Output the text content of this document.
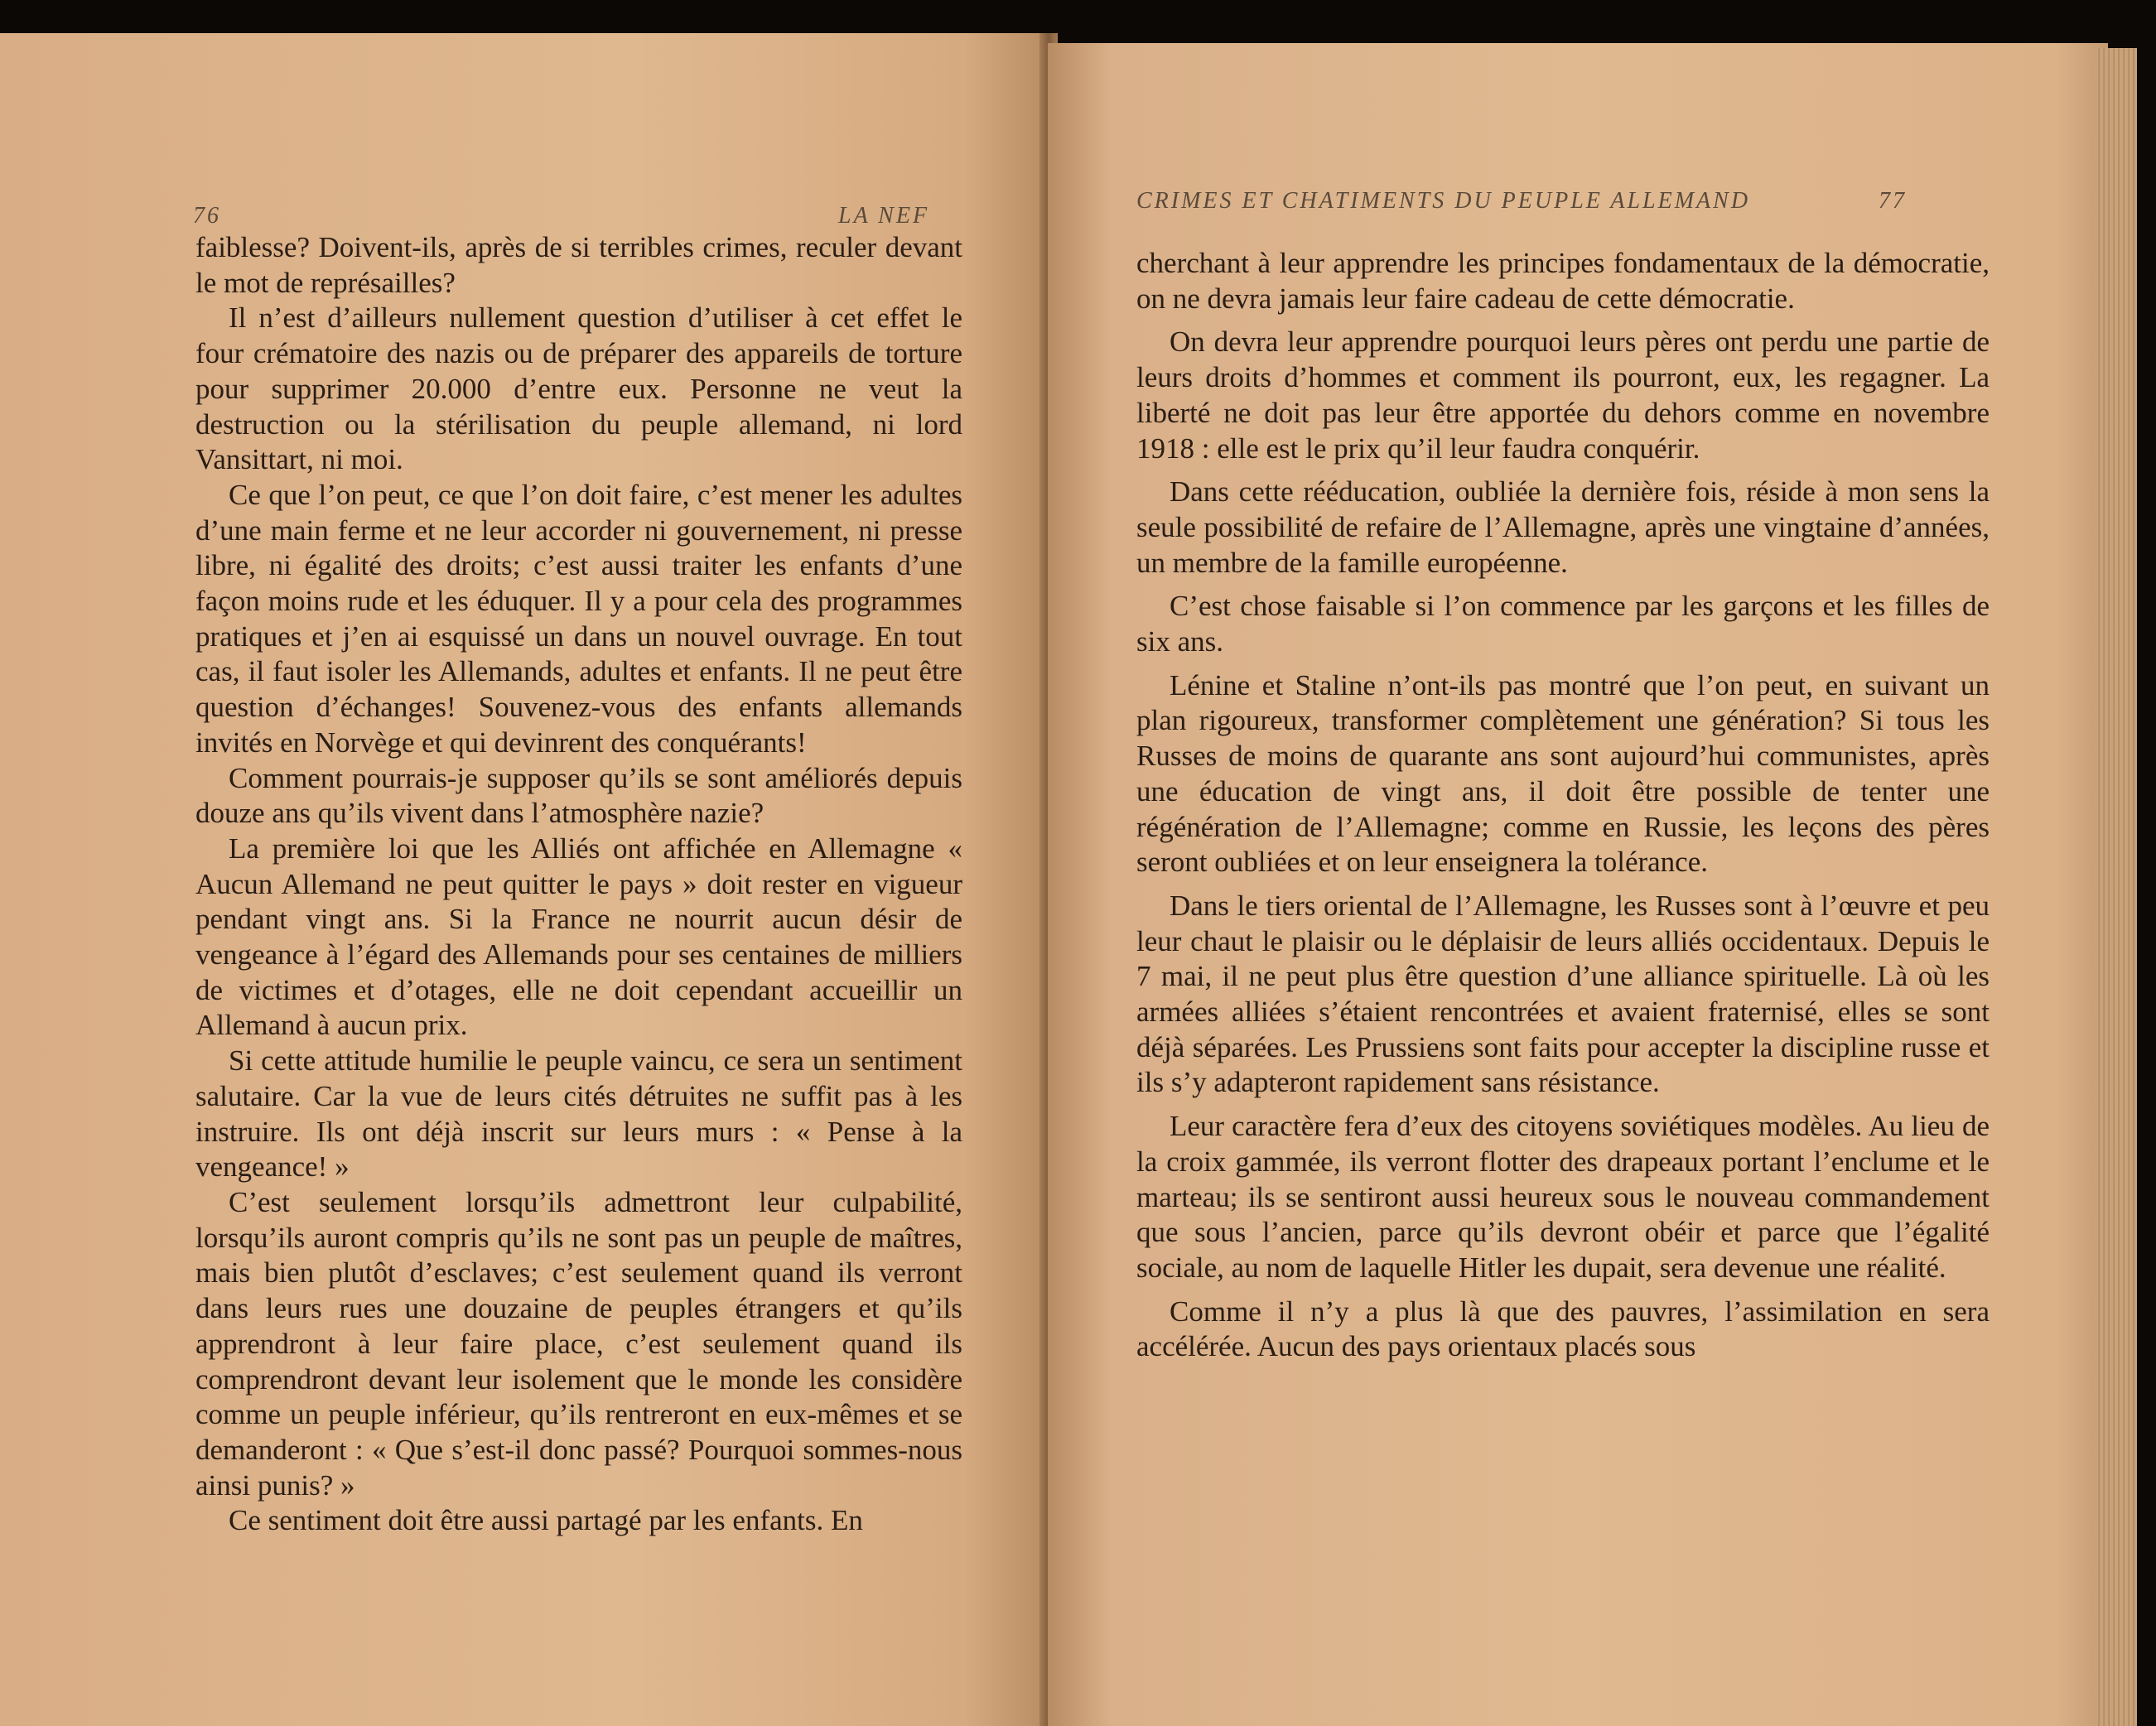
76	LA NEF

faiblesse? Doivent-ils, après de si terribles crimes, reculer devant le mot de représailles?

Il n’est d’ailleurs nullement question d’utiliser à cet effet le four crématoire des nazis ou de préparer des appareils de torture pour supprimer 20.000 d’entre eux. Personne ne veut la destruction ou la stérilisation du peuple allemand, ni lord Vansittart, ni moi.

Ce que l’on peut, ce que l’on doit faire, c’est mener les adultes d’une main ferme et ne leur accorder ni gouvernement, ni presse libre, ni égalité des droits; c’est aussi traiter les enfants d’une façon moins rude et les éduquer. Il y a pour cela des programmes pratiques et j’en ai esquissé un dans un nouvel ouvrage. En tout cas, il faut isoler les Allemands, adultes et enfants. Il ne peut être question d’échanges! Souvenez-vous des enfants allemands invités en Norvège et qui devinrent des conquérants!

Comment pourrais-je supposer qu’ils se sont améliorés depuis douze ans qu’ils vivent dans l’atmosphère nazie?

La première loi que les Alliés ont affichée en Allemagne « Aucun Allemand ne peut quitter le pays » doit rester en vigueur pendant vingt ans. Si la France ne nourrit aucun désir de vengeance à l’égard des Allemands pour ses centaines de milliers de victimes et d’otages, elle ne doit cependant accueillir un Allemand à aucun prix.

Si cette attitude humilie le peuple vaincu, ce sera un sentiment salutaire. Car la vue de leurs cités détruites ne suffit pas à les instruire. Ils ont déjà inscrit sur leurs murs : « Pense à la vengeance! »

C’est seulement lorsqu’ils admettront leur culpabilité, lorsqu’ils auront compris qu’ils ne sont pas un peuple de maîtres, mais bien plutôt d’esclaves; c’est seulement quand ils verront dans leurs rues une douzaine de peuples étrangers et qu’ils apprendront à leur faire place, c’est seulement quand ils comprendront devant leur isolement que le monde les considère comme un peuple inférieur, qu’ils rentreront en eux-mêmes et se demanderont : « Que s’est-il donc passé? Pourquoi sommes-nous ainsi punis? »

Ce sentiment doit être aussi partagé par les enfants. En

CRIMES ET CHATIMENTS DU PEUPLE ALLEMAND	77

cherchant à leur apprendre les principes fondamentaux de la démocratie, on ne devra jamais leur faire cadeau de cette démocratie.

On devra leur apprendre pourquoi leurs pères ont perdu une partie de leurs droits d’hommes et comment ils pourront, eux, les regagner. La liberté ne doit pas leur être apportée du dehors comme en novembre 1918 : elle est le prix qu’il leur faudra conquérir.

Dans cette rééducation, oubliée la dernière fois, réside à mon sens la seule possibilité de refaire de l’Allemagne, après une vingtaine d’années, un membre de la famille européenne.

C’est chose faisable si l’on commence par les garçons et les filles de six ans.

Lénine et Staline n’ont-ils pas montré que l’on peut, en suivant un plan rigoureux, transformer complètement une génération? Si tous les Russes de moins de quarante ans sont aujourd’hui communistes, après une éducation de vingt ans, il doit être possible de tenter une régénération de l’Allemagne; comme en Russie, les leçons des pères seront oubliées et on leur enseignera la tolérance.

Dans le tiers oriental de l’Allemagne, les Russes sont à l’œuvre et peu leur chaut le plaisir ou le déplaisir de leurs alliés occidentaux. Depuis le 7 mai, il ne peut plus être question d’une alliance spirituelle. Là où les armées alliées s’étaient rencontrées et avaient fraternisé, elles se sont déjà séparées. Les Prussiens sont faits pour accepter la discipline russe et ils s’y adapteront rapidement sans résistance.

Leur caractère fera d’eux des citoyens soviétiques modèles. Au lieu de la croix gammée, ils verront flotter des drapeaux portant l’enclume et le marteau; ils se sentiront aussi heureux sous le nouveau commandement que sous l’ancien, parce qu’ils devront obéir et parce que l’égalité sociale, au nom de laquelle Hitler les dupait, sera devenue une réalité.

Comme il n’y a plus là que des pauvres, l’assimilation en sera accélérée. Aucun des pays orientaux placés sous
